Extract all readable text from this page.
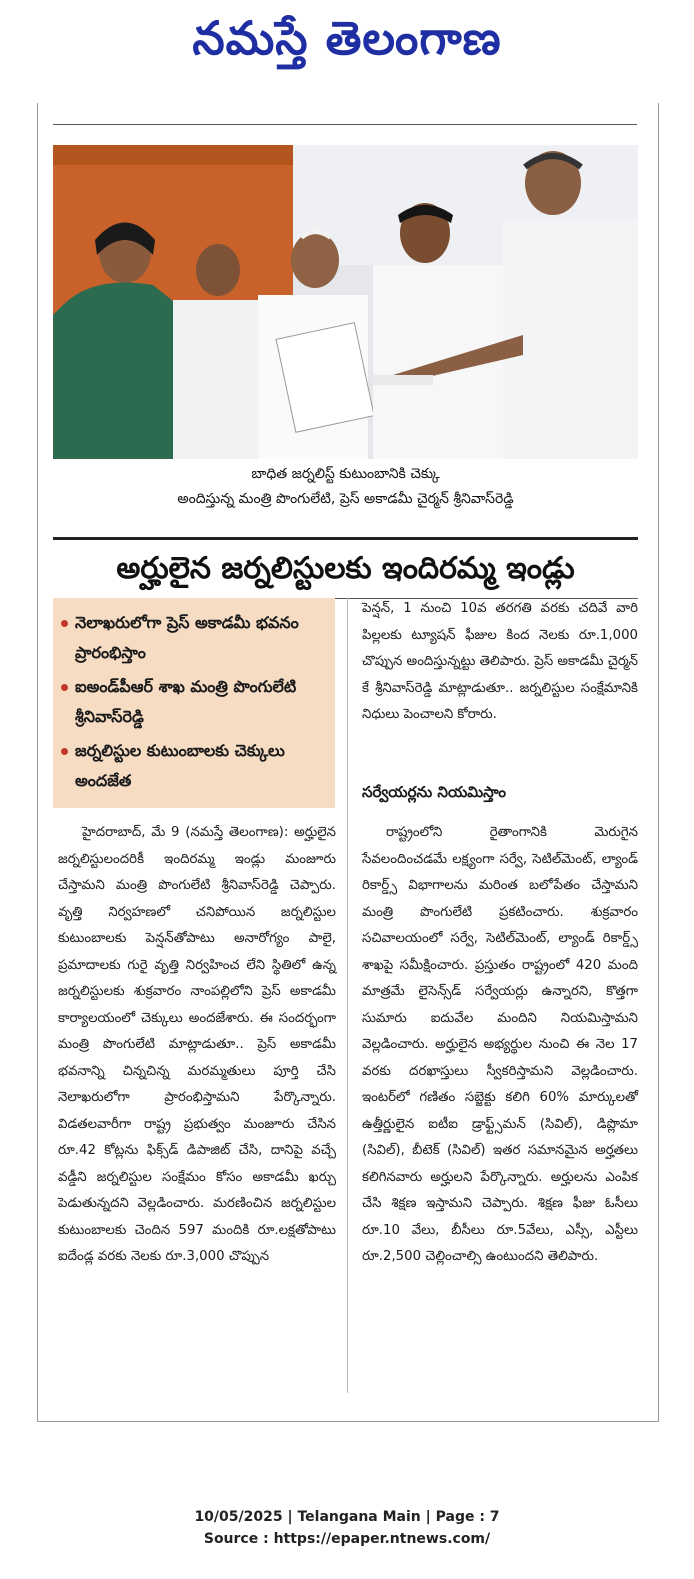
నమస్తే తెలంగాణ
బాధిత జర్నలిస్ట్ కుటుంబానికి చెక్కు
అందిస్తున్న మంత్రి పొంగులేటి, ప్రెస్ అకాడమీ చైర్మన్ శ్రీనివాస్‌రెడ్డి
అర్హులైన జర్నలిస్టులకు ఇందిరమ్మ ఇండ్లు
నెలాఖరులోగా ప్రెస్ అకాడమీ భవనం ప్రారంభిస్తాం
ఐఅండ్‌పీఆర్ శాఖ మంత్రి పొంగులేటి శ్రీనివాస్‌రెడ్డి
జర్నలిస్టుల కుటుంబాలకు చెక్కులు అందజేత

హైదరాబాద్, మే 9 (నమస్తే తెలంగాణ): అర్హులైన జర్నలిస్టులందరికీ ఇందిరమ్మ ఇండ్లు మంజూరు చేస్తామని మంత్రి పొంగులేటి శ్రీనివాస్‌రెడ్డి చెప్పారు. వృత్తి నిర్వహణలో చనిపోయిన జర్నలిస్టుల కుటుంబాలకు పెన్షన్‌తోపాటు అనారోగ్యం పాలై, ప్రమాదాలకు గురై వృత్తి నిర్వహించ లేని స్థితిలో ఉన్న జర్నలిస్టులకు శుక్రవారం నాంపల్లిలోని ప్రెస్ అకాడమీ కార్యాలయంలో చెక్కులు అందజేశారు. ఈ సందర్భంగా మంత్రి పొంగులేటి మాట్లాడుతూ.. ప్రెస్ అకాడమీ భవనాన్ని చిన్నచిన్న మరమ్మతులు పూర్తి చేసి నెలాఖరులోగా ప్రారంభిస్తామని పేర్కొన్నారు. విడతలవారీగా రాష్ట్ర ప్రభుత్వం మంజూరు చేసిన రూ.42 కోట్లను ఫిక్స్‌డ్ డిపాజిట్ చేసి, దానిపై వచ్చే వడ్డీని జర్నలిస్టుల సంక్షేమం కోసం అకాడమీ ఖర్చు పెడుతున్నదని వెల్లడించారు. మరణించిన జర్నలిస్టుల కుటుంబాలకు చెందిన 597 మందికి రూ.లక్షతోపాటు ఐదేండ్ల వరకు నెలకు రూ.3,000 చొప్పున

పెన్షన్, 1 నుంచి 10వ తరగతి వరకు చదివే వారి పిల్లలకు ట్యూషన్ ఫీజుల కింద నెలకు రూ.1,000 చొప్పున అందిస్తున్నట్టు తెలిపారు. ప్రెస్ అకాడమీ చైర్మన్ కే శ్రీనివాస్‌రెడ్డి మాట్లాడుతూ.. జర్నలిస్టుల సంక్షేమానికి నిధులు పెంచాలని కోరారు.

సర్వేయర్లను నియమిస్తాం

రాష్ట్రంలోని రైతాంగానికి మెరుగైన సేవలందించడమే లక్ష్యంగా సర్వే, సెటిల్‌మెంట్, ల్యాండ్ రికార్డ్స్ విభాగాలను మరింత బలోపేతం చేస్తామని మంత్రి పొంగులేటి ప్రకటించారు. శుక్రవారం సచివాలయంలో సర్వే, సెటిల్‌మెంట్, ల్యాండ్ రికార్డ్స్ శాఖపై సమీక్షించారు. ప్రస్తుతం రాష్ట్రంలో 420 మంది మాత్రమే లైసెన్స్‌డ్ సర్వేయర్లు ఉన్నారని, కొత్తగా సుమారు ఐదువేల మందిని నియమిస్తామని వెల్లడించారు. అర్హులైన అభ్యర్థుల నుంచి ఈ నెల 17 వరకు దరఖాస్తులు స్వీకరిస్తామని వెల్లడించారు. ఇంటర్‌లో గణితం సబ్జెక్టు కలిగి 60% మార్కులతో ఉత్తీర్ణులైన ఐటీఐ డ్రాఫ్ట్స్‌మన్ (సివిల్), డిప్లొమా (సివిల్), బీటెక్ (సివిల్) ఇతర సమానమైన అర్హతలు కలిగినవారు అర్హులని పేర్కొన్నారు. అర్హులను ఎంపిక చేసి శిక్షణ ఇస్తామని చెప్పారు. శిక్షణ ఫీజు ఓసీలు రూ.10 వేలు, బీసీలు రూ.5వేలు, ఎస్సీ, ఎస్టీలు రూ.2,500 చెల్లించాల్సి ఉంటుందని తెలిపారు.

10/05/2025 | Telangana Main | Page : 7
Source : https://epaper.ntnews.com/
